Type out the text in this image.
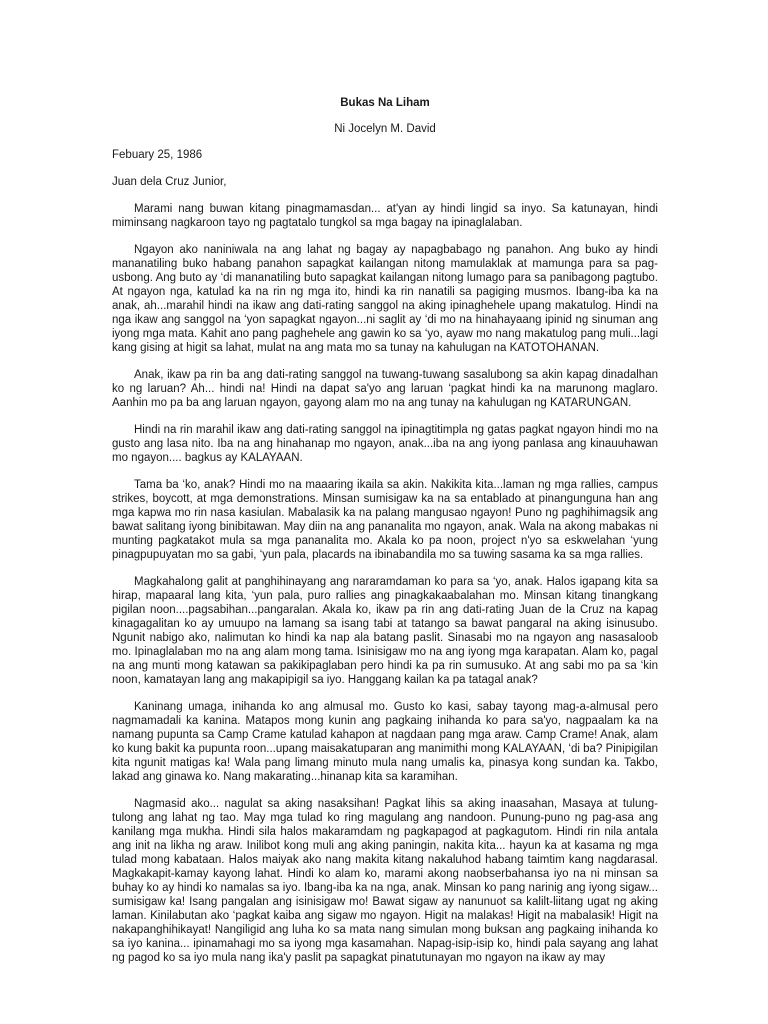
Bukas Na Liham
Ni Jocelyn M. David
Febuary 25, 1986
Juan dela Cruz Junior,

Marami nang buwan kitang pinagmamasdan... at'yan ay hindi lingid sa inyo. Sa katunayan, hindi miminsang nagkaroon tayo ng pagtatalo tungkol sa mga bagay na ipinaglalaban.

Ngayon ako naniniwala na ang lahat ng bagay ay napagbabago ng panahon. Ang buko ay hindi mananatiling buko habang panahon sapagkat kailangan nitong mamulaklak at mamunga para sa pag-usbong. Ang buto ay ‘di mananatiling buto sapagkat kailangan nitong lumago para sa panibagong pagtubo. At ngayon nga, katulad ka na rin ng mga ito, hindi ka rin nanatili sa pagiging musmos. Ibang-iba ka na anak, ah...marahil hindi na ikaw ang dati-rating sanggol na aking ipinaghehele upang makatulog. Hindi na nga ikaw ang sanggol na ‘yon sapagkat ngayon...ni saglit ay ‘di mo na hinahayaang ipinid ng sinuman ang iyong mga mata. Kahit ano pang paghehele ang gawin ko sa ‘yo, ayaw mo nang makatulog pang muli...lagi kang gising at higit sa lahat, mulat na ang mata mo sa tunay na kahulugan na KATOTOHANAN.

Anak, ikaw pa rin ba ang dati-rating sanggol na tuwang-tuwang sasalubong sa akin kapag dinadalhan ko ng laruan? Ah... hindi na! Hindi na dapat sa'yo ang laruan ‘pagkat hindi ka na marunong maglaro. Aanhin mo pa ba ang laruan ngayon, gayong alam mo na ang tunay na kahulugan ng KATARUNGAN.

Hindi na rin marahil ikaw ang dati-rating sanggol na ipinagtitimpla ng gatas pagkat ngayon hindi mo na gusto ang lasa nito. Iba na ang hinahanap mo ngayon, anak...iba na ang iyong panlasa ang kinauuhawan mo ngayon.... bagkus ay KALAYAAN.

Tama ba ‘ko, anak? Hindi mo na maaaring ikaila sa akin. Nakikita kita...laman ng mga rallies, campus strikes, boycott, at mga demonstrations. Minsan sumisigaw ka na sa entablado at pinangunguna han ang mga kapwa mo rin nasa kasiulan. Mabalasik ka na palang mangusao ngayon! Puno ng paghihimagsik ang bawat salitang iyong binibitawan. May diin na ang pananalita mo ngayon, anak. Wala na akong mabakas ni munting pagkatakot mula sa mga pananalita mo. Akala ko pa noon, project n'yo sa eskwelahan ‘yung pinagpupuyatan mo sa gabi, ‘yun pala, placards na ibinabandila mo sa tuwing sasama ka sa mga rallies.

Magkahalong galit at panghihinayang ang nararamdaman ko para sa ‘yo, anak. Halos igapang kita sa hirap, mapaaral lang kita, ‘yun pala, puro rallies ang pinagkakaabalahan mo. Minsan kitang tinangkang pigilan noon....pagsabihan...pangaralan. Akala ko, ikaw pa rin ang dati-rating Juan de la Cruz na kapag kinagagalitan ko ay umuupo na lamang sa isang tabi at tatango sa bawat pangaral na aking isinusubo. Ngunit nabigo ako, nalimutan ko hindi ka nap ala batang paslit. Sinasabi mo na ngayon ang nasasaloob mo. Ipinaglalaban mo na ang alam mong tama. Isinisigaw mo na ang iyong mga karapatan. Alam ko, pagal na ang munti mong katawan sa pakikipaglaban pero hindi ka pa rin sumusuko. At ang sabi mo pa sa ‘kin noon, kamatayan lang ang makapipigil sa iyo. Hanggang kailan ka pa tatagal anak?

Kaninang umaga, inihanda ko ang almusal mo. Gusto ko kasi, sabay tayong mag-a-almusal pero nagmamadali ka kanina. Matapos mong kunin ang pagkaing inihanda ko para sa'yo, nagpaalam ka na namang pupunta sa Camp Crame katulad kahapon at nagdaan pang mga araw. Camp Crame! Anak, alam ko kung bakit ka pupunta roon...upang maisakatuparan ang manimithi mong KALAYAAN, ‘di ba? Pinipigilan kita ngunit matigas ka! Wala pang limang minuto mula nang umalis ka, pinasya kong sundan ka. Takbo, lakad ang ginawa ko. Nang makarating...hinanap kita sa karamihan.

Nagmasid ako... nagulat sa aking nasaksihan! Pagkat lihis sa aking inaasahan, Masaya at tulung-tulong ang lahat ng tao. May mga tulad ko ring magulang ang nandoon. Punung-puno ng pag-asa ang kanilang mga mukha. Hindi sila halos makaramdam ng pagkapagod at pagkagutom. Hindi rin nila antala ang init na likha ng araw. Inilibot kong muli ang aking paningin, nakita kita... hayun ka at kasama ng mga tulad mong kabataan. Halos maiyak ako nang makita kitang nakaluhod habang taimtim kang nagdarasal. Magkakapit-kamay kayong lahat. Hindi ko alam ko, marami akong naobserbahansa iyo na ni minsan sa buhay ko ay hindi ko namalas sa iyo. Ibang-iba ka na nga, anak. Minsan ko pang narinig ang iyong sigaw... sumisigaw ka! Isang pangalan ang isinisigaw mo! Bawat sigaw ay nanunuot sa kalilt-liitang ugat ng aking laman. Kinilabutan ako ‘pagkat kaiba ang sigaw mo ngayon. Higit na malakas! Higit na mabalasik! Higit na nakapanghihikayat! Nangiligid ang luha ko sa mata nang simulan mong buksan ang pagkaing inihanda ko sa iyo kanina... ipinamahagi mo sa iyong mga kasamahan. Napag-isip-isip ko, hindi pala sayang ang lahat ng pagod ko sa iyo mula nang ika'y paslit pa sapagkat pinatutunayan mo ngayon na ikaw ay may
